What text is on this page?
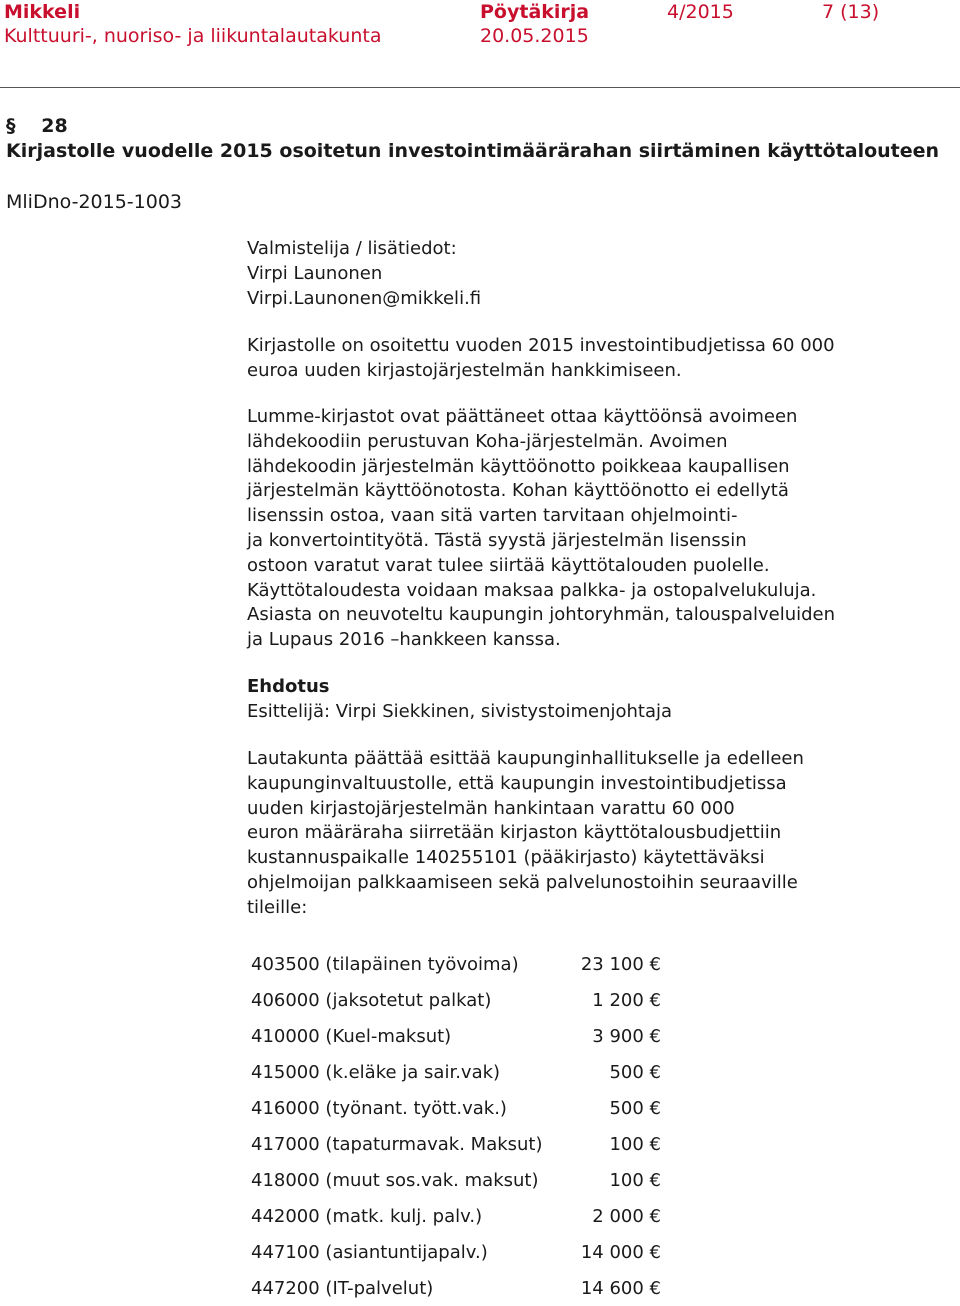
Mikkeli	Pöytäkirja	4/2015	7 (13)
Kulttuuri-, nuoriso- ja liikuntalautakunta	20.05.2015
§ 28
Kirjastolle vuodelle 2015 osoitetun investointimäärärahan siirtäminen käyttötalouteen
MliDno-2015-1003
Valmistelija / lisätiedot:
Virpi Launonen
Virpi.Launonen@mikkeli.fi
Kirjastolle on osoitettu vuoden 2015 investointibudjetissa 60 000
euroa uuden kirjastojärjestelmän hankkimiseen.
Lumme-kirjastot ovat päättäneet ottaa käyttöönsä avoimeen
lähdekoodiin perustuvan Koha-järjestelmän. Avoimen
lähdekoodin järjestelmän käyttöönotto poikkeaa kaupallisen
järjestelmän käyttöönotosta. Kohan käyttöönotto ei edellytä
lisenssin ostoa, vaan sitä varten tarvitaan ohjelmointi-
ja konvertointityötä. Tästä syystä järjestelmän lisenssin
ostoon varatut varat tulee siirtää käyttötalouden puolelle.
Käyttötaloudesta voidaan maksaa palkka- ja ostopalvelukuluja.
Asiasta on neuvoteltu kaupungin johtoryhmän, talouspalveluiden
ja Lupaus 2016 –hankkeen kanssa.
Ehdotus
Esittelijä: Virpi Siekkinen, sivistystoimenjohtaja
Lautakunta päättää esittää kaupunginhallitukselle ja edelleen
kaupunginvaltuustolle, että kaupungin investointibudjetissa
uuden kirjastojärjestelmän hankintaan varattu 60 000
euron määräraha siirretään kirjaston käyttötalousbudjettiin
kustannuspaikalle 140255101 (pääkirjasto) käytettäväksi
ohjelmoijan palkkaamiseen sekä palvelunostoihin seuraaville
tileille:
403500 (tilapäinen työvoima)	23 100 €
406000 (jaksotetut palkat)	1 200 €
410000 (Kuel-maksut)	3 900 €
415000 (k.eläke ja sair.vak)	500 €
416000 (työnant. tyött.vak.)	500 €
417000 (tapaturmavak. Maksut)	100 €
418000 (muut sos.vak. maksut)	100 €
442000 (matk. kulj. palv.)	2 000 €
447100 (asiantuntijapalv.)	14 000 €
447200 (IT-palvelut)	14 600 €
